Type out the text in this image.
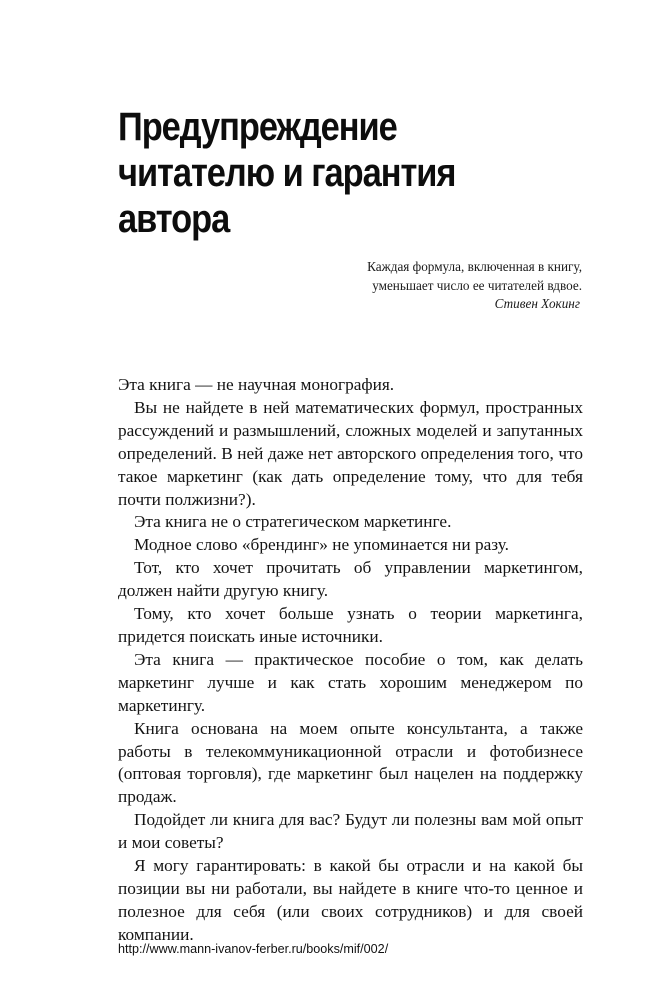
Предупреждение
читателю и гарантия
автора
Каждая формула, включенная в книгу,
уменьшает число ее читателей вдвое.
Стивен Хокинг

Эта книга — не научная монография.

Вы не найдете в ней математических формул, пространных рассуждений и размышлений, сложных моделей и запутанных определений. В ней даже нет авторского определения того, что такое маркетинг (как дать определение тому, что для тебя почти полжизни?).

Эта книга не о стратегическом маркетинге.

Модное слово «брендинг» не упоминается ни разу.

Тот, кто хочет прочитать об управлении маркетингом, должен найти другую книгу.

Тому, кто хочет больше узнать о теории маркетинга, придется поискать иные источники.

Эта книга — практическое пособие о том, как делать маркетинг лучше и как стать хорошим менеджером по маркетингу.

Книга основана на моем опыте консультанта, а также работы в телекоммуникационной отрасли и фотобизнесе (оптовая торговля), где маркетинг был нацелен на поддержку продаж.

Подойдет ли книга для вас? Будут ли полезны вам мой опыт и мои советы?

Я могу гарантировать: в какой бы отрасли и на какой бы позиции вы ни работали, вы найдете в книге что-то ценное и полезное для себя (или своих сотрудников) и для своей компании.

http://www.mann-ivanov-ferber.ru/books/mif/002/
